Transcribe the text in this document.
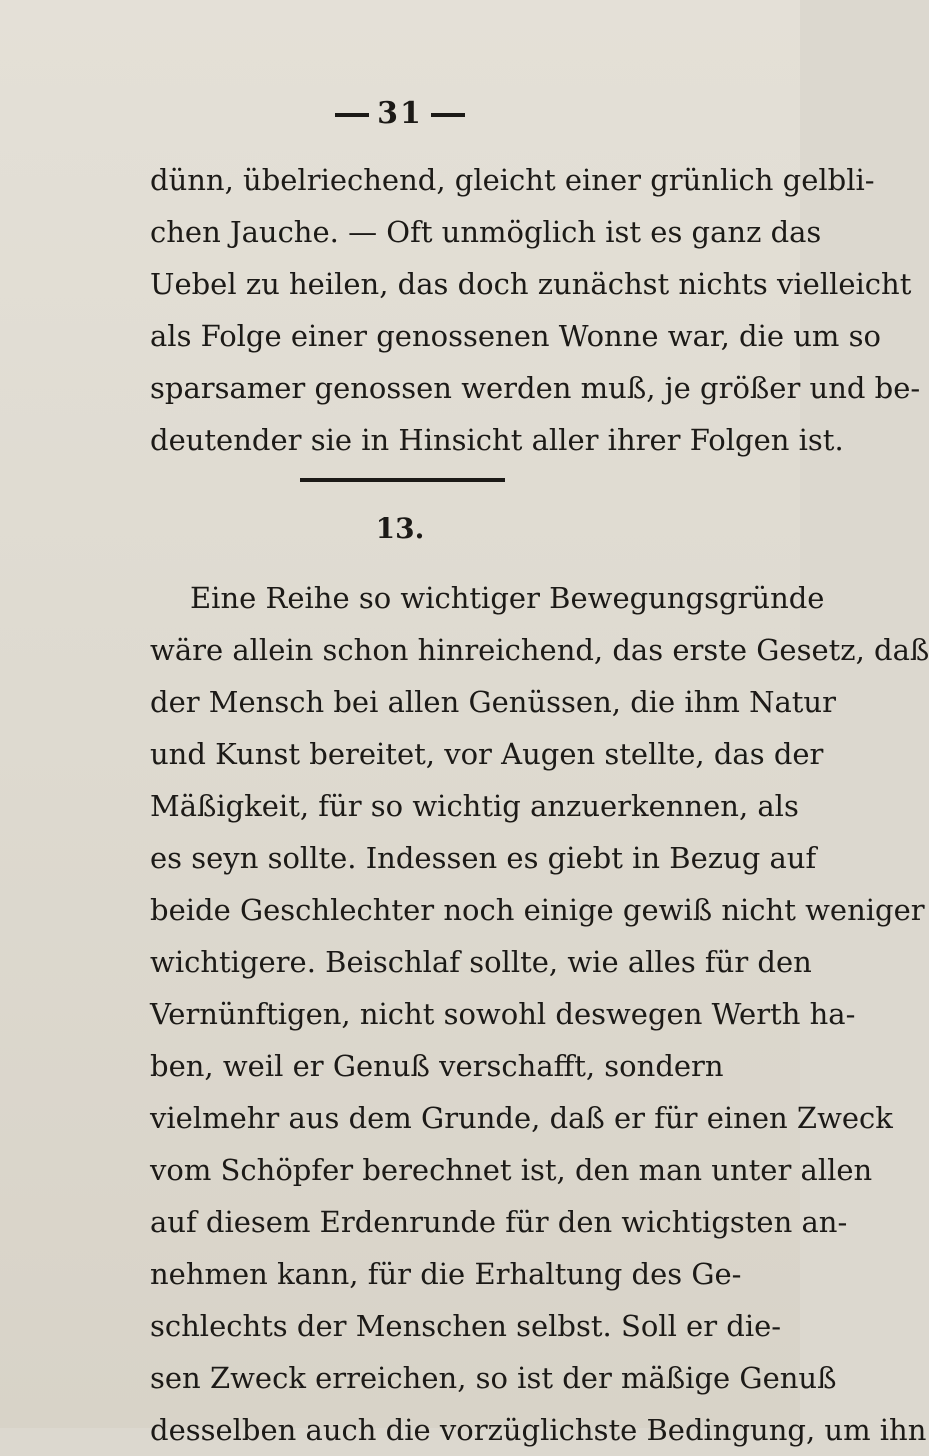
31
dünn, übelriechend, gleicht einer grünlich gelbli-
chen Jauche. — Oft unmöglich ist es ganz das
Uebel zu heilen, das doch zunächst nichts vielleicht
als Folge einer genossenen Wonne war, die um so
sparsamer genossen werden muß, je größer und be-
deutender sie in Hinsicht aller ihrer Folgen ist.
13.
Eine Reihe so wichtiger Bewegungsgründe
wäre allein schon hinreichend, das erste Gesetz, daß
der Mensch bei allen Genüssen, die ihm Natur
und Kunst bereitet, vor Augen stellte, das der
Mäßigkeit, für so wichtig anzuerkennen, als
es seyn sollte. Indessen es giebt in Bezug auf
beide Geschlechter noch einige gewiß nicht weniger
wichtigere. Beischlaf sollte, wie alles für den
Vernünftigen, nicht sowohl deswegen Werth ha-
ben, weil er Genuß verschafft, sondern
vielmehr aus dem Grunde, daß er für einen Zweck
vom Schöpfer berechnet ist, den man unter allen
auf diesem Erdenrunde für den wichtigsten an-
nehmen kann, für die Erhaltung des Ge-
schlechts der Menschen selbst. Soll er die-
sen Zweck erreichen, so ist der mäßige Genuß
desselben auch die vorzüglichste Bedingung, um ihn
